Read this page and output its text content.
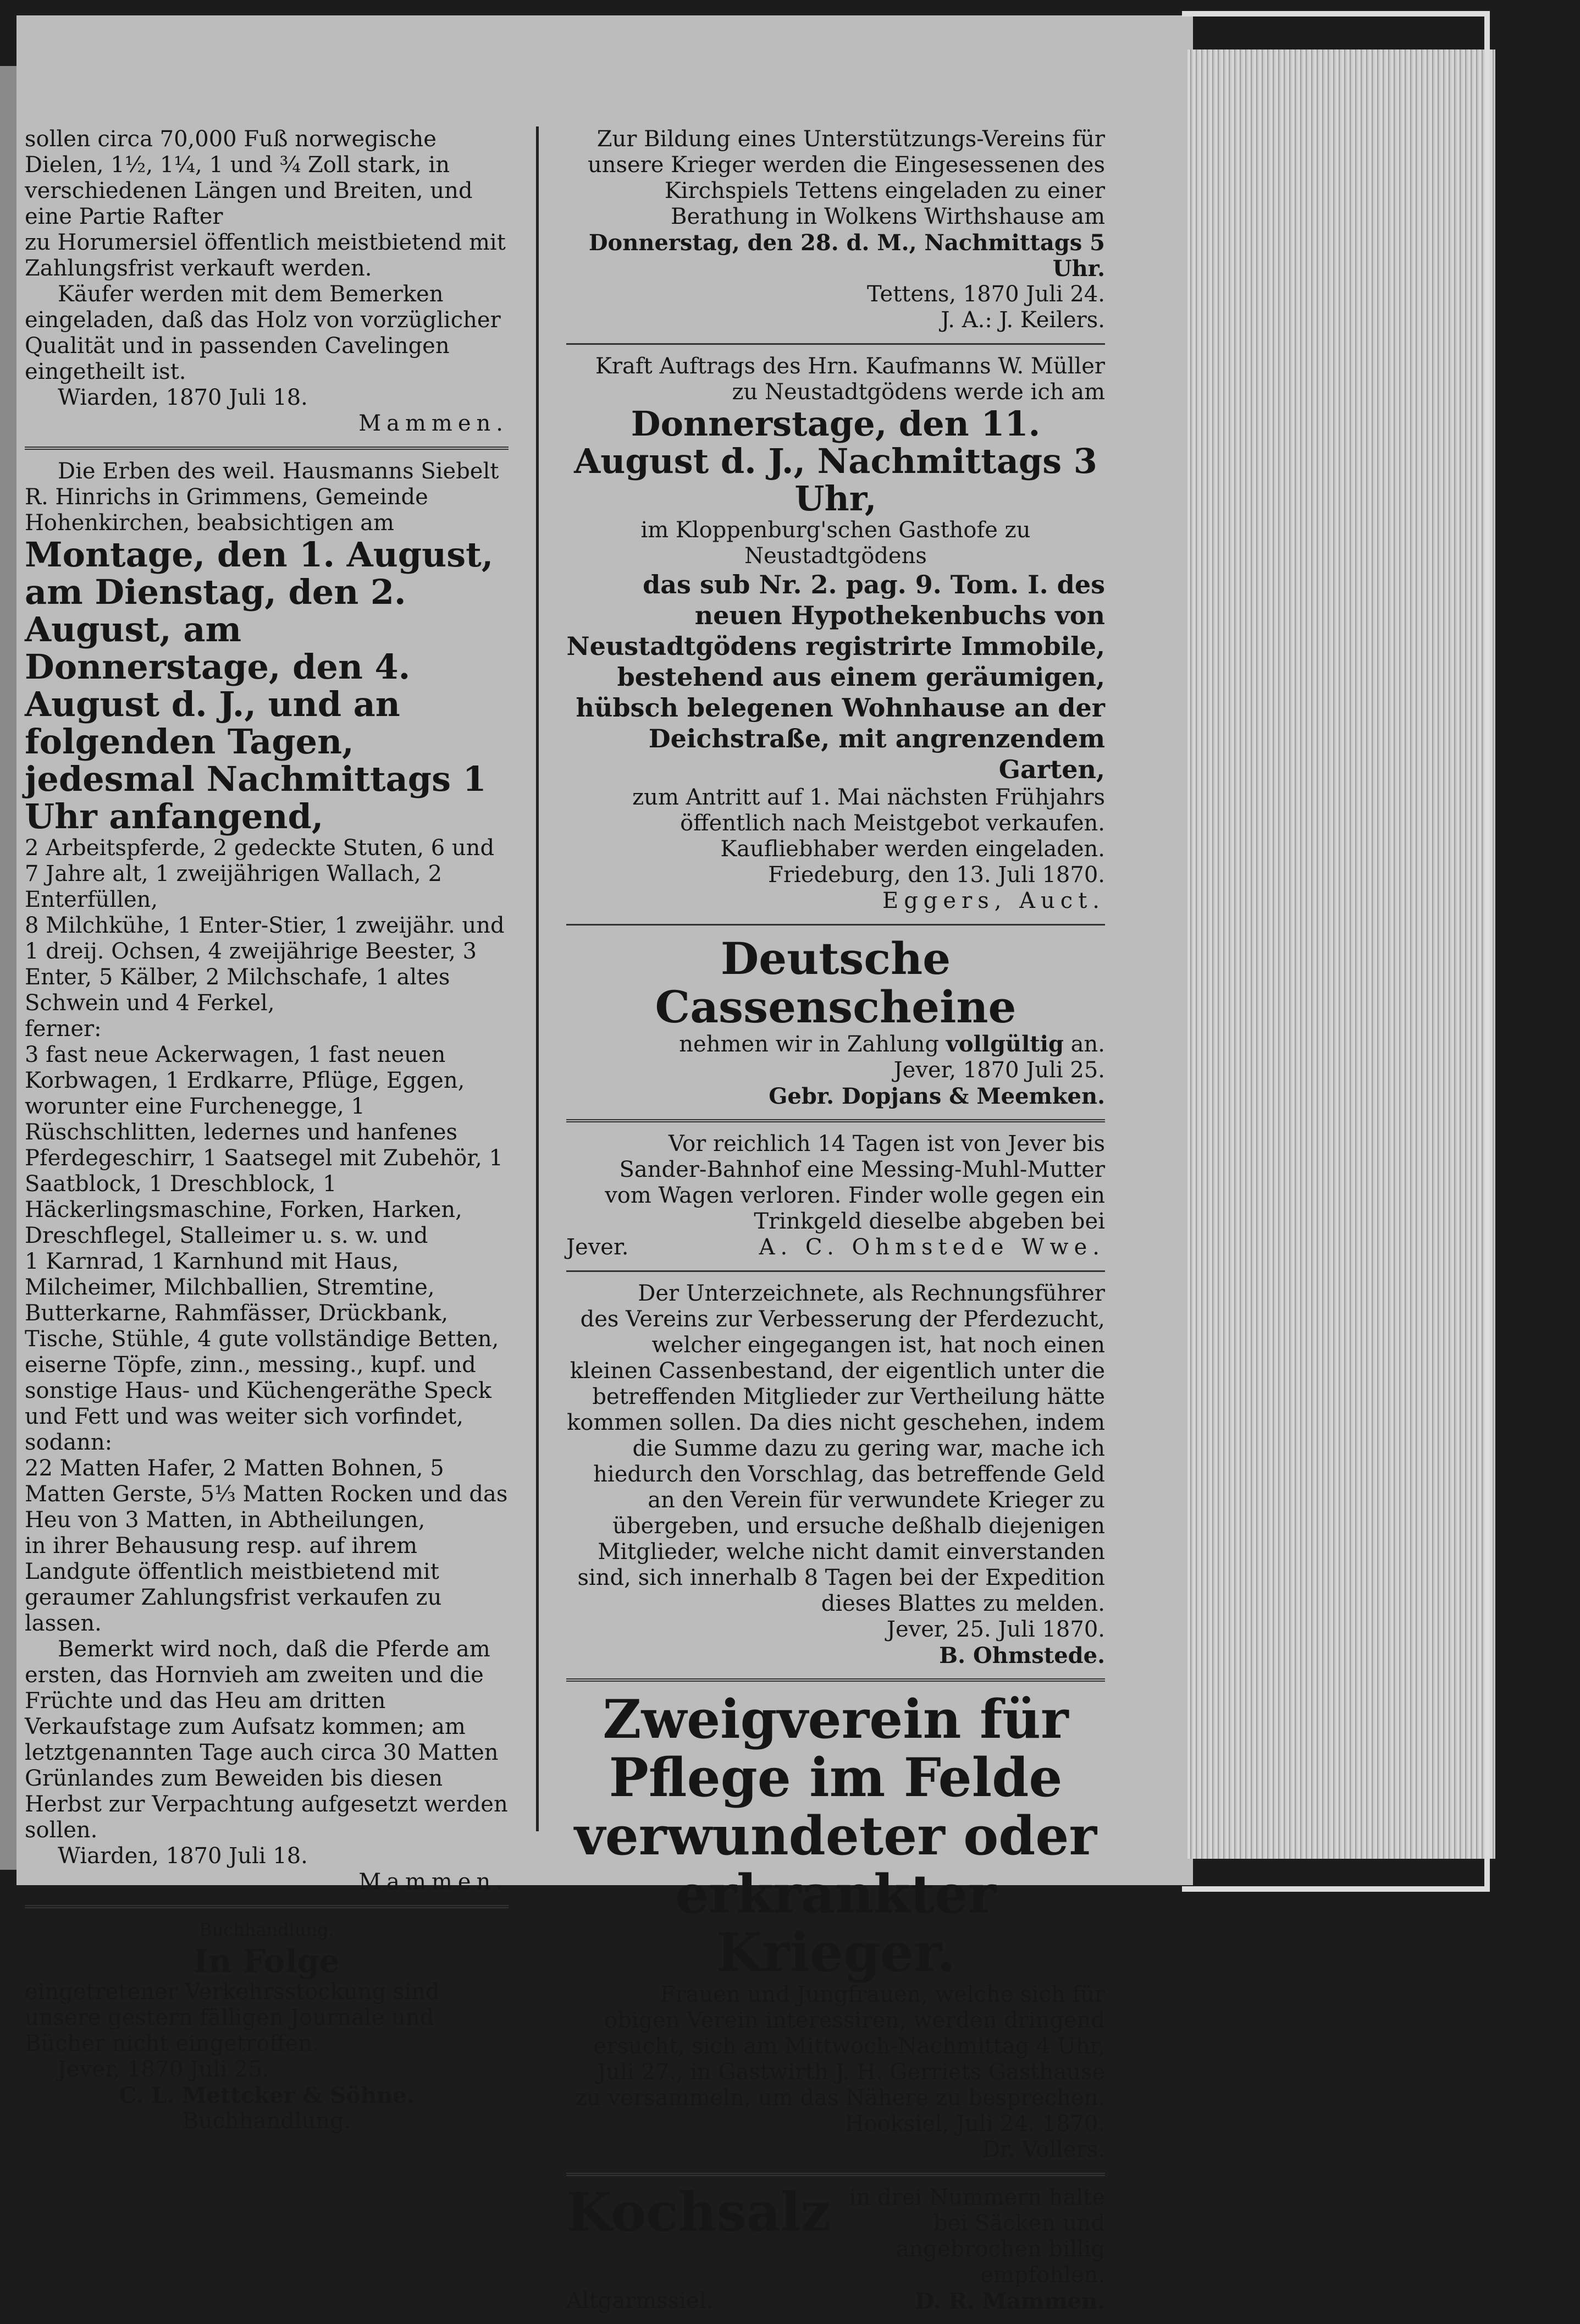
sollen circa 70,000 Fuß norwegische Dielen, 1½, 1¼, 1 und ¾ Zoll stark, in verschiedenen Längen und Breiten, und eine Partie Rafter

zu Horumersiel öffentlich meistbietend mit Zahlungsfrist verkauft werden.

Käufer werden mit dem Bemerken eingeladen, daß das Holz von vorzüglicher Qualität und in passenden Cavelingen eingetheilt ist.

Wiarden, 1870 Juli 18.

Mammen.

Die Erben des weil. Hausmanns Siebelt R. Hinrichs in Grimmens, Gemeinde Hohenkirchen, beabsichtigen am

Montage, den 1. August, am Dienstag, den 2. August, am Donnerstage, den 4. August d. J., und an folgenden Tagen, jedesmal Nachmittags 1 Uhr anfangend,

2 Arbeitspferde, 2 gedeckte Stuten, 6 und 7 Jahre alt, 1 zweijährigen Wallach, 2 Enterfüllen,

8 Milchkühe, 1 Enter-Stier, 1 zweijähr. und 1 dreij. Ochsen, 4 zweijährige Beester, 3 Enter, 5 Kälber, 2 Milchschafe, 1 altes Schwein und 4 Ferkel,

ferner:

3 fast neue Ackerwagen, 1 fast neuen Korbwagen, 1 Erdkarre, Pflüge, Eggen, worunter eine Furchenegge, 1 Rüschschlitten, ledernes und hanfenes Pferdegeschirr, 1 Saatsegel mit Zubehör, 1 Saatblock, 1 Dreschblock, 1 Häckerlingsmaschine, Forken, Harken, Dreschflegel, Stalleimer u. s. w. und

1 Karnrad, 1 Karnhund mit Haus, Milcheimer, Milchballien, Stremtine, Butterkarne, Rahmfässer, Drückbank, Tische, Stühle, 4 gute vollständige Betten, eiserne Töpfe, zinn., messing., kupf. und sonstige Haus- und Küchengeräthe Speck und Fett und was weiter sich vorfindet,

sodann:

22 Matten Hafer, 2 Matten Bohnen, 5 Matten Gerste, 5⅓ Matten Rocken und das Heu von 3 Matten, in Abtheilungen,

in ihrer Behausung resp. auf ihrem Landgute öffentlich meistbietend mit geraumer Zahlungsfrist verkaufen zu lassen.

Bemerkt wird noch, daß die Pferde am ersten, das Hornvieh am zweiten und die Früchte und das Heu am dritten Verkaufstage zum Aufsatz kommen; am letztgenannten Tage auch circa 30 Matten Grünlandes zum Beweiden bis diesen Herbst zur Verpachtung aufgesetzt werden sollen.

Wiarden, 1870 Juli 18.

Mammen.

Buchhandlung.

In Folge

eingetretener Verkehrsstockung sind unsere gestern fälligen Journale und Bücher nicht eingetroffen.

Jever, 1870 Juli 25.

C. L. Mettcker & Söhne.

Buchhandlung.

Zur Bildung eines Unterstützungs-Vereins für unsere Krieger werden die Eingesessenen des Kirchspiels Tettens eingeladen zu einer Berathung in Wolkens Wirthshause am

Donnerstag, den 28. d. M., Nachmittags 5 Uhr.

Tettens, 1870 Juli 24.

J. A.: J. Keilers.

Kraft Auftrags des Hrn. Kaufmanns W. Müller zu Neustadtgödens werde ich am

Donnerstage, den 11. August d. J., Nachmittags 3 Uhr,

im Kloppenburg'schen Gasthofe zu Neustadtgödens

das sub Nr. 2. pag. 9. Tom. I. des neuen Hypothekenbuchs von Neustadtgödens registrirte Immobile, bestehend aus einem geräumigen, hübsch belegenen Wohnhause an der Deichstraße, mit angrenzendem Garten,

zum Antritt auf 1. Mai nächsten Frühjahrs öffentlich nach Meistgebot verkaufen.

Kaufliebhaber werden eingeladen.

Friedeburg, den 13. Juli 1870.

Eggers, Auct.

Deutsche Cassenscheine

nehmen wir in Zahlung vollgültig an.

Jever, 1870 Juli 25.

Gebr. Dopjans & Meemken.

Vor reichlich 14 Tagen ist von Jever bis Sander-Bahnhof eine Messing-Muhl-Mutter vom Wagen verloren. Finder wolle gegen ein Trinkgeld dieselbe abgeben bei

Jever.	A. C. Ohmstede Wwe.

Der Unterzeichnete, als Rechnungsführer des Vereins zur Verbesserung der Pferdezucht, welcher eingegangen ist, hat noch einen kleinen Cassenbestand, der eigentlich unter die betreffenden Mitglieder zur Vertheilung hätte kommen sollen. Da dies nicht geschehen, indem die Summe dazu zu gering war, mache ich hiedurch den Vorschlag, das betreffende Geld an den Verein für verwundete Krieger zu übergeben, und ersuche deßhalb diejenigen Mitglieder, welche nicht damit einverstanden sind, sich innerhalb 8 Tagen bei der Expedition dieses Blattes zu melden.

Jever, 25. Juli 1870.

B. Ohmstede.

Zweigverein für Pflege im Felde verwundeter oder erkrankter Krieger.

Frauen und Jungfrauen, welche sich für obigen Verein interessiren, werden dringend ersucht, sich am Mittwoch-Nachmittag 4 Uhr, Juli 27., in Gastwirth J. H. Gerriets Gasthause zu versammeln, um das Nähere zu besprechen.

Hooksiel, Juli 24. 1870.

Dr. Vollers.

Kochsalz in drei Nummern halte bei Säcken und angebrochen billig empfohlen.

Altgarmssiel.	D. R. Mammen.
